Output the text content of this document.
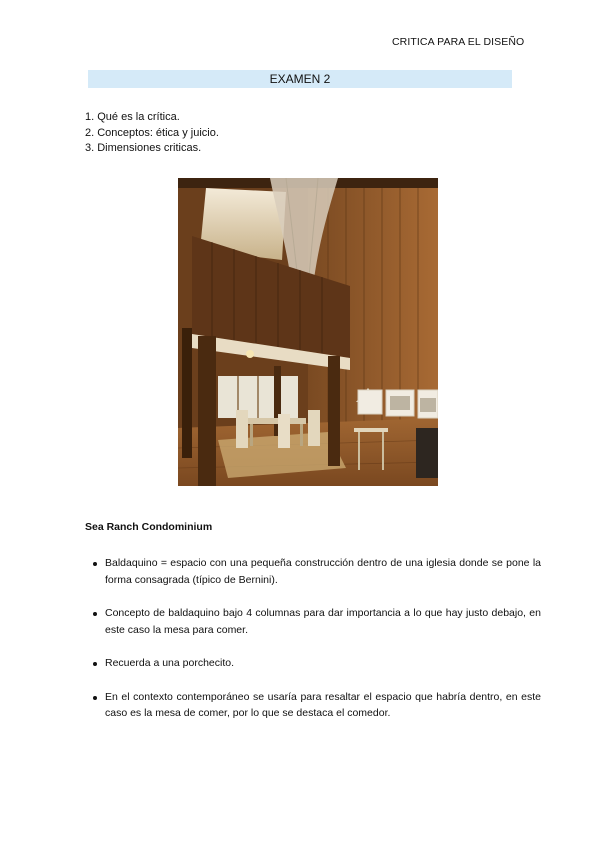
CRITICA PARA EL DISEÑO
EXAMEN 2
1. Qué es la crítica.
2. Conceptos: ética y juicio.
3. Dimensiones criticas.
Sea Ranch Condominium
Baldaquino = espacio con una pequeña construcción dentro de una iglesia donde se pone la forma consagrada (típico de Bernini).
Concepto de baldaquino bajo 4 columnas para dar importancia a lo que hay justo debajo, en este caso la mesa para comer.
Recuerda a una porchecito.
En el contexto contemporáneo se usaría para resaltar el espacio que habría dentro, en este caso es la mesa de comer, por lo que se destaca el comedor.
